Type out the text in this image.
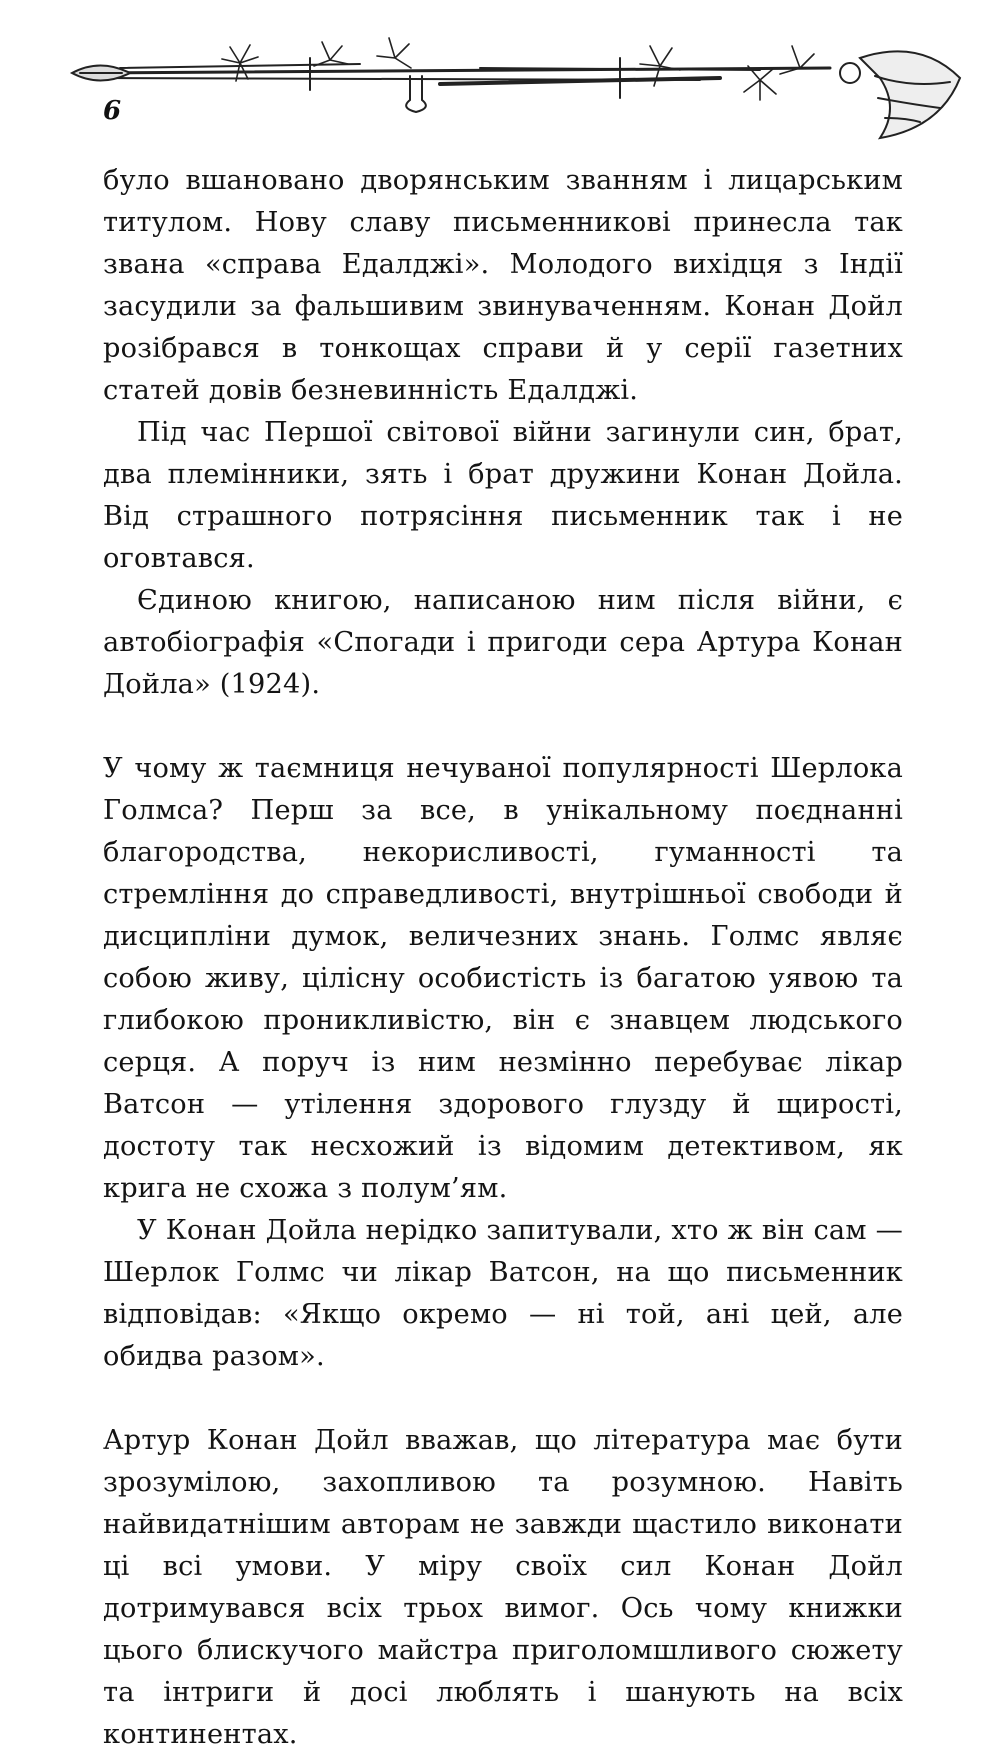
6

було вшановано дворянським званням і лицарським титулом. Нову славу письменникові принесла так звана «справа Едалджі». Молодого вихідця з Індії засудили за фальшивим звинуваченням. Конан Дойл розібрався в тонкощах справи й у серії газетних статей довів безневинність Едалджі.

Під час Першої світової війни загинули син, брат, два племінники, зять і брат дружини Конан Дойла. Від страшного потрясіння письменник так і не оговтався.

Єдиною книгою, написаною ним після війни, є автобіографія «Спогади і пригоди сера Артура Конан Дойла» (1924).

У чому ж таємниця нечуваної популярності Шерлока Голмса? Перш за все, в унікальному поєднанні благородства, некорисливості, гуманності та стремління до справедливості, внутрішньої свободи й дисципліни думок, величезних знань. Голмс являє собою живу, цілісну особистість із багатою уявою та глибокою проникливістю, він є знавцем людського серця. А поруч із ним незмінно перебуває лікар Ватсон — утілення здорового глузду й щирості, достоту так несхожий із відомим детективом, як крига не схожа з полум’ям.

У Конан Дойла нерідко запитували, хто ж він сам — Шерлок Голмс чи лікар Ватсон, на що письменник відповідав: «Якщо окремо — ні той, ані цей, але обидва разом».

Артур Конан Дойл вважав, що література має бути зрозумілою, захопливою та розумною. Навіть найвидатнішим авторам не завжди щастило виконати ці всі умови. У міру своїх сил Конан Дойл дотримувався всіх трьох вимог. Ось чому книжки цього блискучого майстра приголомшливого сюжету та інтриги й досі люблять і шанують на всіх континентах.
